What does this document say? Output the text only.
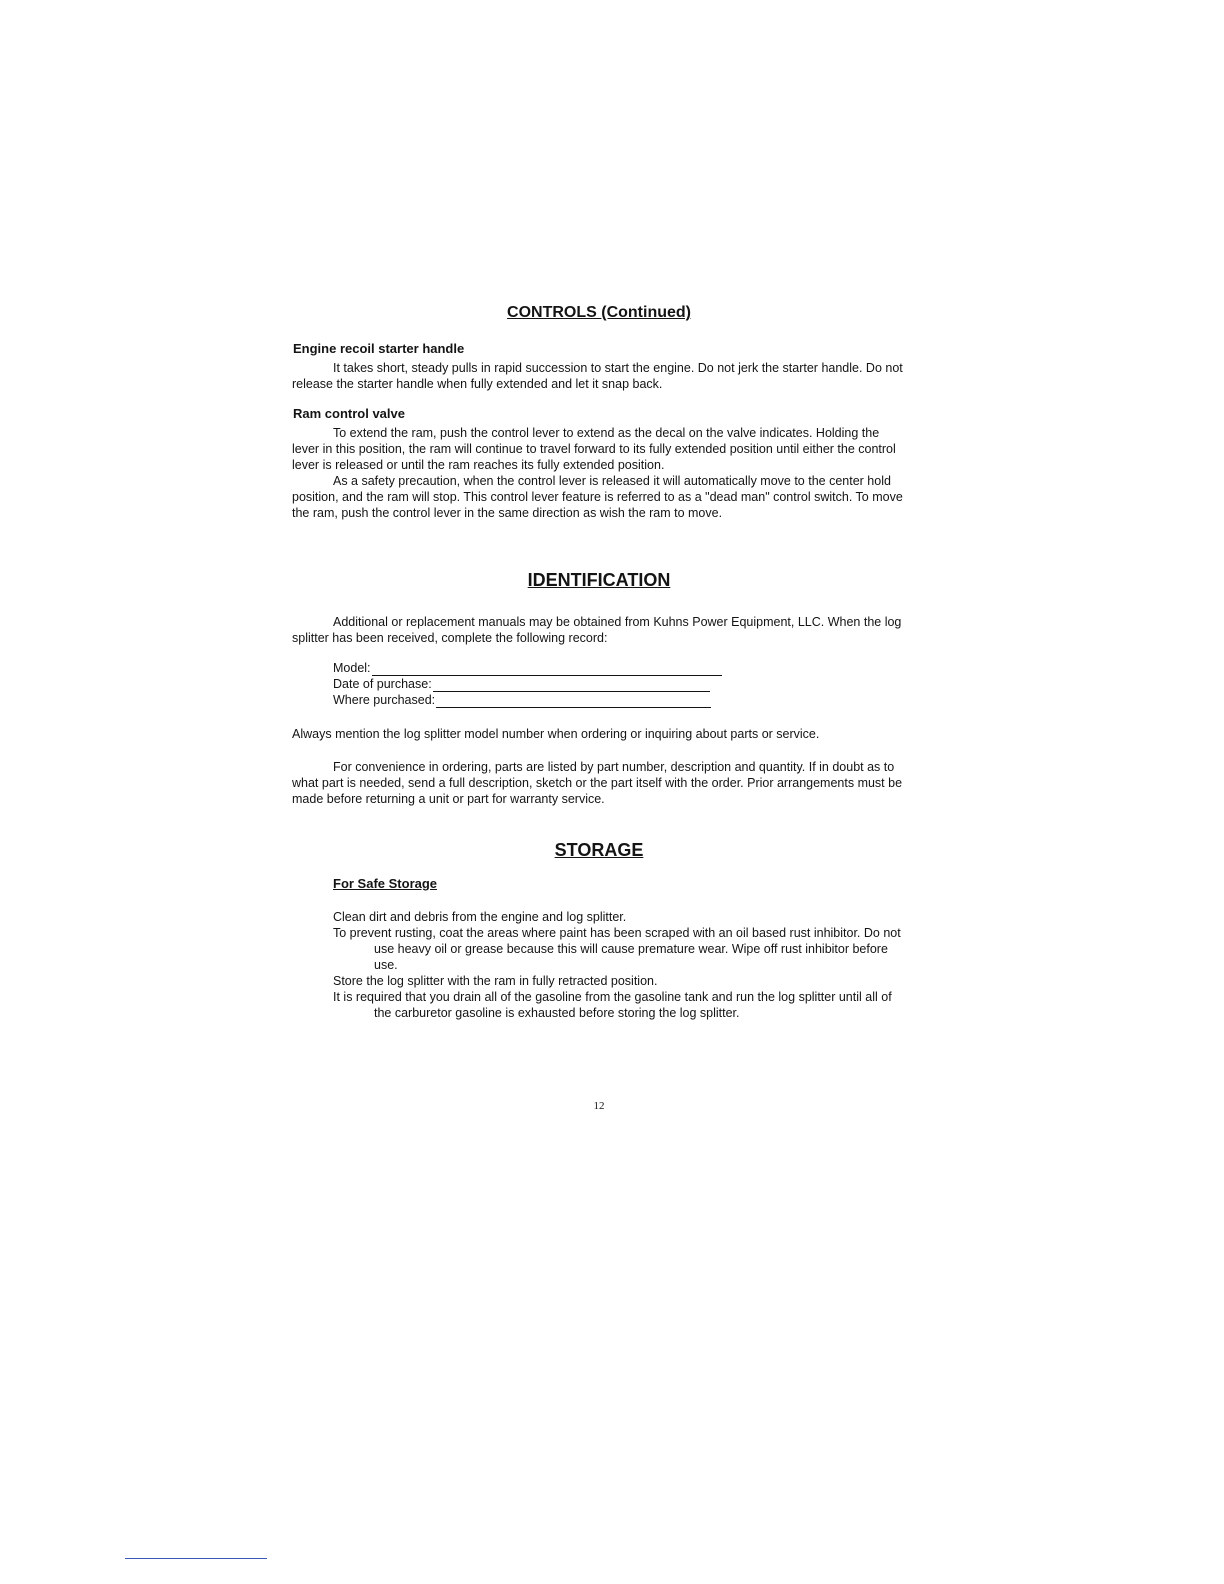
CONTROLS (Continued)

Engine recoil starter handle

It takes short, steady pulls in rapid succession to start the engine. Do not jerk the starter handle. Do not release the starter handle when fully extended and let it snap back.

Ram control valve

To extend the ram, push the control lever to extend as the decal on the valve indicates. Holding the lever in this position, the ram will continue to travel forward to its fully extended position until either the control lever is released or until the ram reaches its fully extended position.

As a safety precaution, when the control lever is released it will automatically move to the center hold position, and the ram will stop. This control lever feature is referred to as a "dead man" control switch. To move the ram, push the control lever in the same direction as wish the ram to move.

IDENTIFICATION

Additional or replacement manuals may be obtained from Kuhns Power Equipment, LLC. When the log splitter has been received, complete the following record:

Model:
Date of purchase:
Where purchased:

Always mention the log splitter model number when ordering or inquiring about parts or service.

For convenience in ordering, parts are listed by part number, description and quantity. If in doubt as to what part is needed, send a full description, sketch or the part itself with the order. Prior arrangements must be made before returning a unit or part for warranty service.

STORAGE

For Safe Storage

Clean dirt and debris from the engine and log splitter.
To prevent rusting, coat the areas where paint has been scraped with an oil based rust inhibitor. Do not use heavy oil or grease because this will cause premature wear. Wipe off rust inhibitor before use.
Store the log splitter with the ram in fully retracted position.
It is required that you drain all of the gasoline from the gasoline tank and run the log splitter until all of the carburetor gasoline is exhausted before storing the log splitter.

12
